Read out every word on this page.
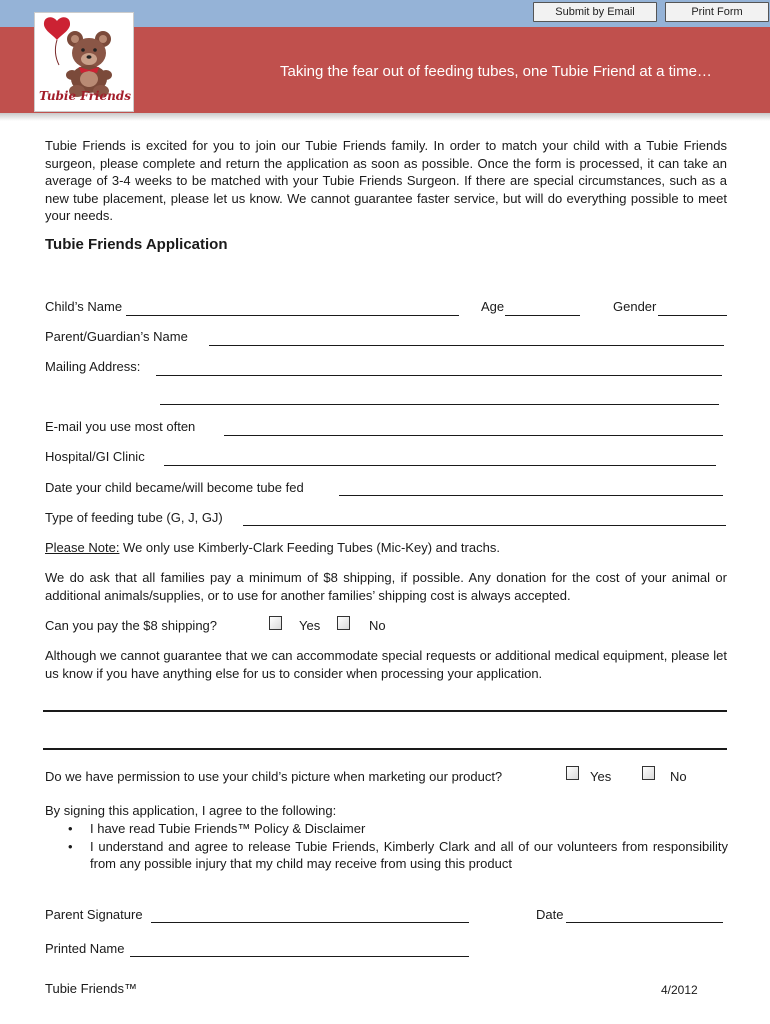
Submit by Email	Print Form
Tubie Friends
Taking the fear out of feeding tubes, one Tubie Friend at a time…
Tubie Friends is excited for you to join our Tubie Friends family. In order to match your child with a Tubie Friends surgeon, please complete and return the application as soon as possible. Once the form is processed, it can take an average of 3-4 weeks to be matched with your Tubie Friends Surgeon. If there are special circumstances, such as a new tube placement, please let us know. We cannot guarantee faster service, but will do everything possible to meet your needs.
Tubie Friends Application
Child’s Name	Age	Gender
Parent/Guardian’s Name
Mailing Address:
E-mail you use most often
Hospital/GI Clinic
Date your child became/will become tube fed
Type of feeding tube (G, J, GJ)
Please Note: We only use Kimberly-Clark Feeding Tubes (Mic-Key) and trachs.
We do ask that all families pay a minimum of $8 shipping, if possible. Any donation for the cost of your animal or additional animals/supplies, or to use for another families’ shipping cost is always accepted.
Can you pay the $8 shipping?	Yes	No
Although we cannot guarantee that we can accommodate special requests or additional medical equipment, please let us know if you have anything else for us to consider when processing your application.
Do we have permission to use your child’s picture when marketing our product?	Yes	No
By signing this application, I agree to the following:
• I have read Tubie Friends™ Policy & Disclaimer
• I understand and agree to release Tubie Friends, Kimberly Clark and all of our volunteers from responsibility from any possible injury that my child may receive from using this product
Parent Signature	Date
Printed Name
Tubie Friends™	4/2012
